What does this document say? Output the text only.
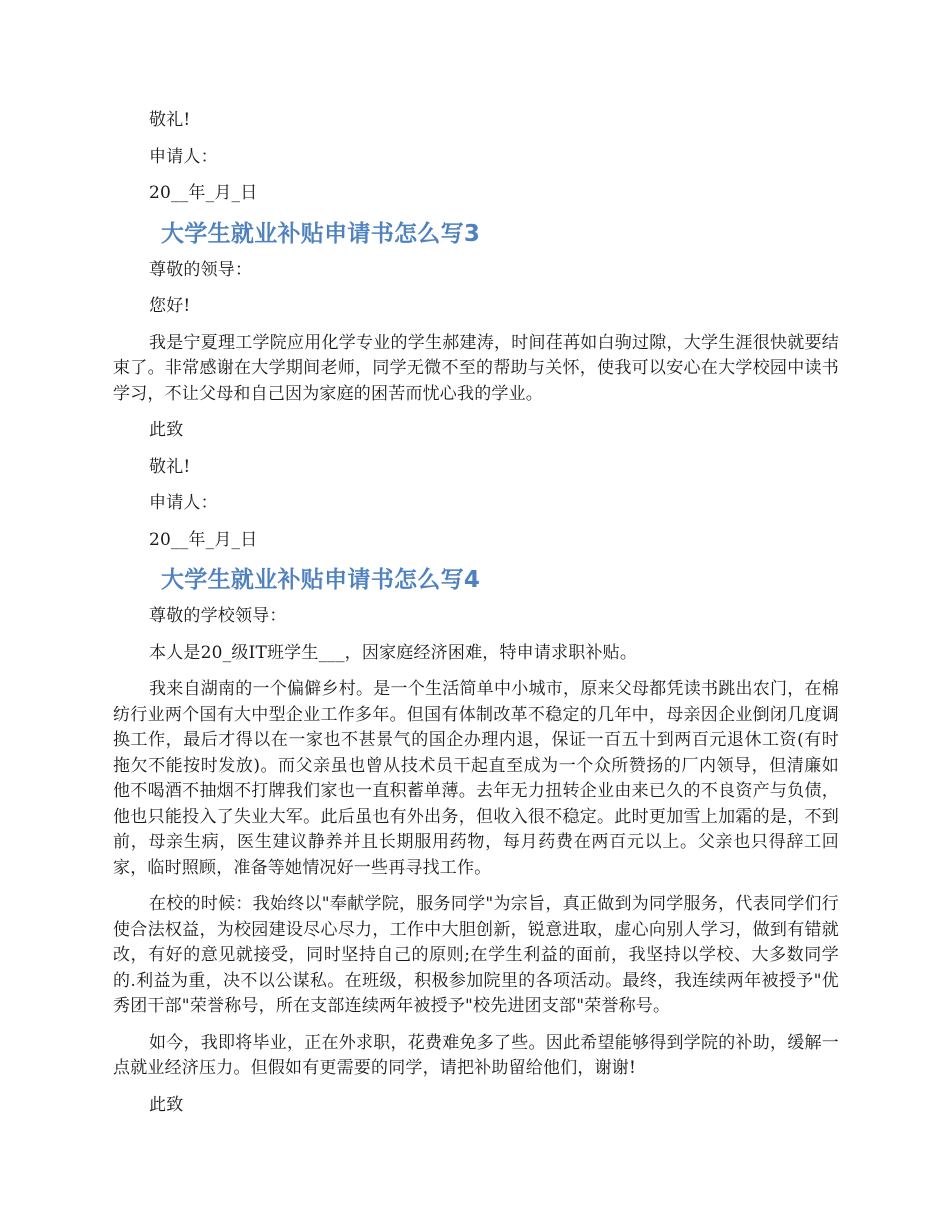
敬礼!

申请人：

20__年_月_日

大学生就业补贴申请书怎么写3

尊敬的领导：

您好!

我是宁夏理工学院应用化学专业的学生郝建涛，时间荏苒如白驹过隙，大学生涯很快就要结束了。非常感谢在大学期间老师，同学无微不至的帮助与关怀，使我可以安心在大学校园中读书学习，不让父母和自己因为家庭的困苦而忧心我的学业。

此致

敬礼!

申请人：

20__年_月_日

大学生就业补贴申请书怎么写4

尊敬的学校领导：

本人是20_级IT班学生___，因家庭经济困难，特申请求职补贴。

我来自湖南的一个偏僻乡村。是一个生活简单中小城市，原来父母都凭读书跳出农门，在棉纺行业两个国有大中型企业工作多年。但国有体制改革不稳定的几年中，母亲因企业倒闭几度调换工作，最后才得以在一家也不甚景气的国企办理内退，保证一百五十到两百元退休工资(有时拖欠不能按时发放)。而父亲虽也曾从技术员干起直至成为一个众所赞扬的厂内领导，但清廉如他不喝酒不抽烟不打牌我们家也一直积蓄单薄。去年无力扭转企业由来已久的不良资产与负债，他也只能投入了失业大军。此后虽也有外出务，但收入很不稳定。此时更加雪上加霜的是，不到前，母亲生病，医生建议静养并且长期服用药物，每月药费在两百元以上。父亲也只得辞工回家，临时照顾，准备等她情况好一些再寻找工作。

在校的时候：我始终以"奉献学院，服务同学"为宗旨，真正做到为同学服务，代表同学们行使合法权益，为校园建设尽心尽力，工作中大胆创新，锐意进取，虚心向别人学习，做到有错就改，有好的意见就接受，同时坚持自己的原则;在学生利益的面前，我坚持以学校、大多数同学的.利益为重，决不以公谋私。在班级，积极参加院里的各项活动。最终，我连续两年被授予"优秀团干部"荣誉称号，所在支部连续两年被授予"校先进团支部"荣誉称号。

如今，我即将毕业，正在外求职，花费难免多了些。因此希望能够得到学院的补助，缓解一点就业经济压力。但假如有更需要的同学，请把补助留给他们，谢谢!

此致
